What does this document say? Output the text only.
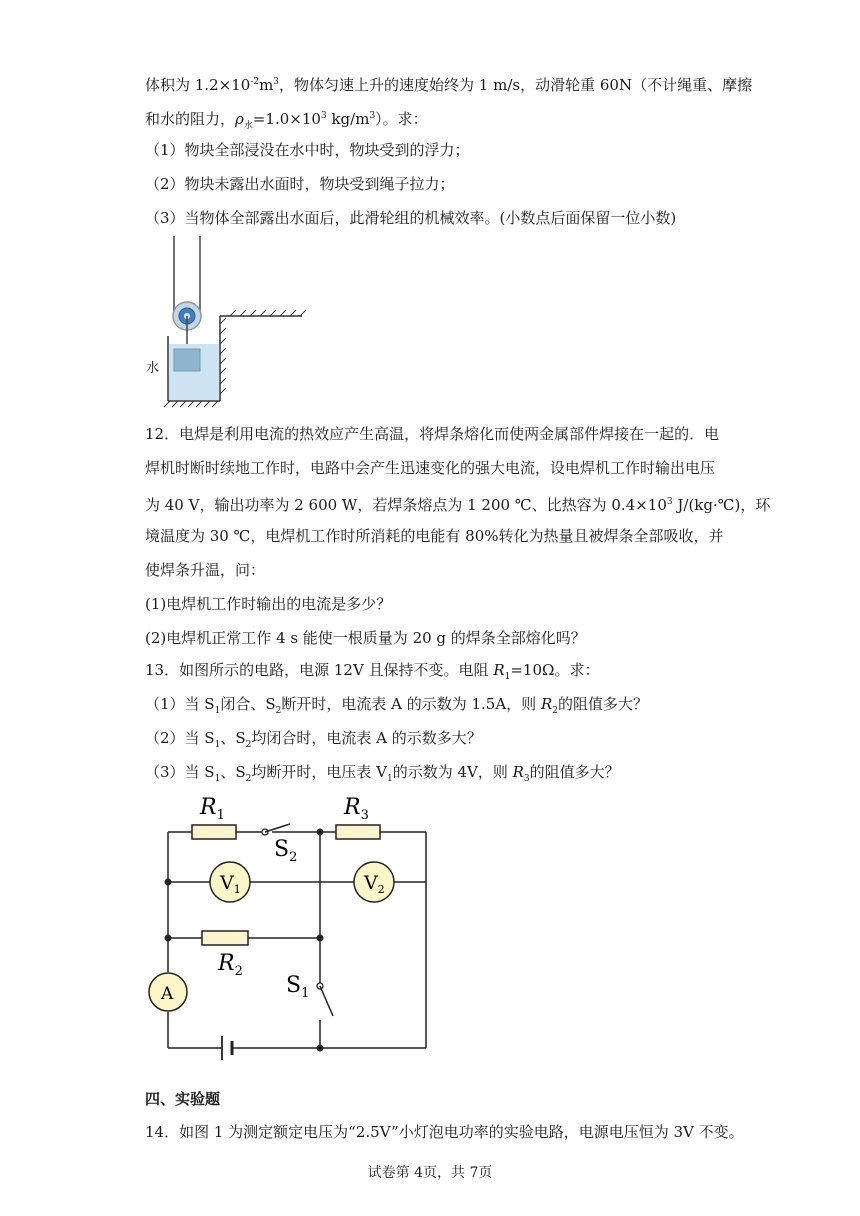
体积为 $1.2\times 10^{-2}m^3$，物体匀速上升的速度始终为 1 m/s，动滑轮重 60N（不计绳重、摩擦
和水的阻力，$\rho_水=1.0\times 10^3$ $kg/m^3$）。求：
（1）物块全部浸没在水中时，物块受到的浮力；
（2）物块未露出水面时，物块受到绳子拉力；
（3）当物体全部露出水面后，此滑轮组的机械效率。(小数点后面保留一位小数)
水
12．电焊是利用电流的热效应产生高温，将焊条熔化而使两金属部件焊接在一起的．电
焊机时断时续地工作时，电路中会产生迅速变化的强大电流，设电焊机工作时输出电压
为 40 V，输出功率为 2 600 W，若焊条熔点为 1 200 ℃、比热容为 $0.4\times 10^3$ J/(kg·℃)，环
境温度为 30 ℃，电焊机工作时所消耗的电能有 80%转化为热量且被焊条全部吸收，并
使焊条升温，问：
(1)电焊机工作时输出的电流是多少？
(2)电焊机正常工作 4 s 能使一根质量为 20 g 的焊条全部熔化吗？
13．如图所示的电路，电源 12V 且保持不变。电阻 $R_1=10\Omega$。求：
（1）当 $S_1$闭合、$S_2$断开时，电流表 A 的示数为 1.5A，则 $R_2$的阻值多大？
（2）当 $S_1$、$S_2$均闭合时，电流表 A 的示数多大？
（3）当 $S_1$、$S_2$均断开时，电压表 $V_1$的示数为 4V，则 $R_3$的阻值多大？
$R_1$	$R_3$
$R_2$
$S_2$
$S_1$
$V_1$	$V_2$
A
四、实验题
14．如图 1 为测定额定电压为“2.5V”小灯泡电功率的实验电路，电源电压恒为 3V 不变。
试卷第 4页，共 7页
